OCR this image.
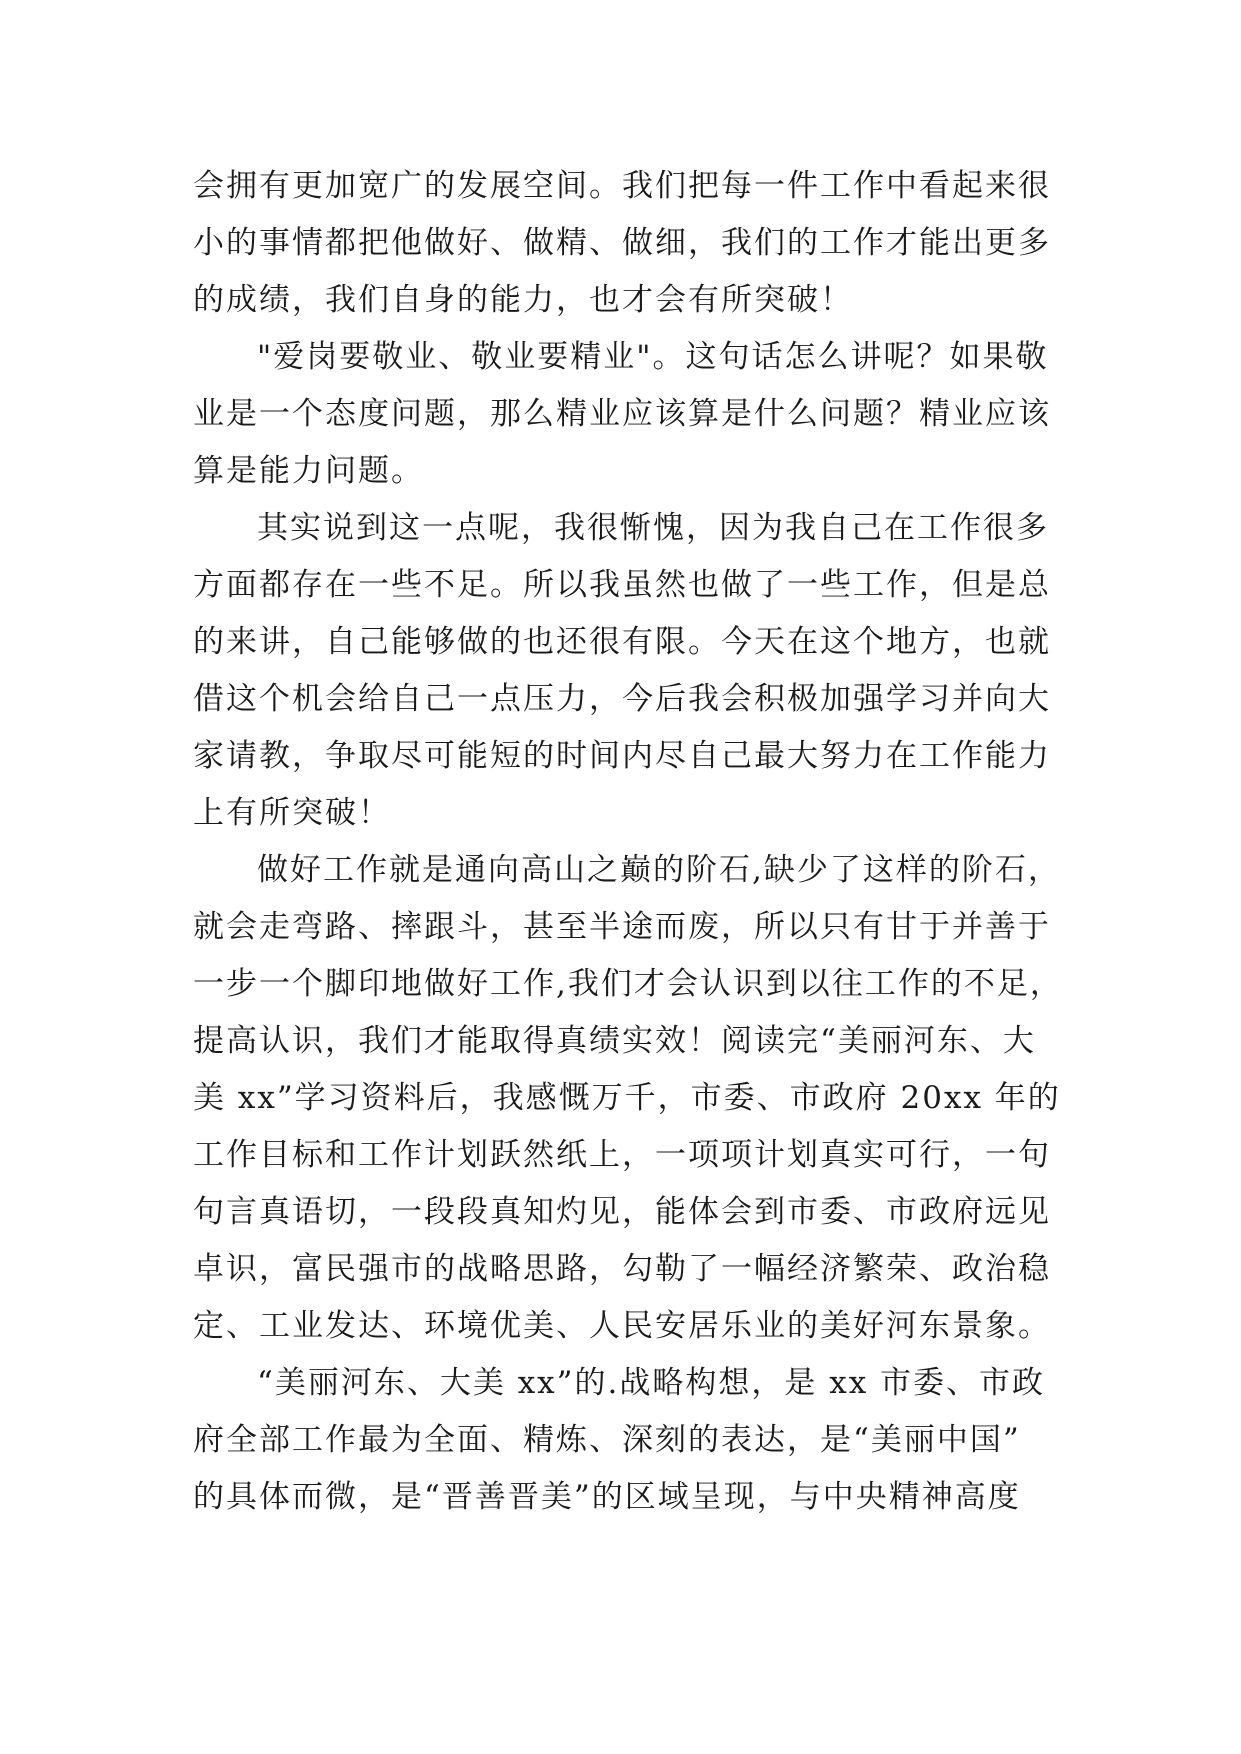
会拥有更加宽广的发展空间。我们把每一件工作中看起来很
小的事情都把他做好、做精、做细，我们的工作才能出更多
的成绩，我们自身的能力，也才会有所突破！

"爱岗要敬业、敬业要精业"。这句话怎么讲呢？如果敬
业是一个态度问题，那么精业应该算是什么问题？精业应该
算是能力问题。

其实说到这一点呢，我很惭愧，因为我自己在工作很多
方面都存在一些不足。所以我虽然也做了一些工作，但是总
的来讲，自己能够做的也还很有限。今天在这个地方，也就
借这个机会给自己一点压力，今后我会积极加强学习并向大
家请教，争取尽可能短的时间内尽自己最大努力在工作能力
上有所突破！

做好工作就是通向高山之巅的阶石,缺少了这样的阶石，
就会走弯路、摔跟斗，甚至半途而废，所以只有甘于并善于
一步一个脚印地做好工作,我们才会认识到以往工作的不足，
提高认识，我们才能取得真绩实效！阅读完“美丽河东、大
美 xx”学习资料后，我感慨万千，市委、市政府 20xx 年的
工作目标和工作计划跃然纸上，一项项计划真实可行，一句
句言真语切，一段段真知灼见，能体会到市委、市政府远见
卓识，富民强市的战略思路，勾勒了一幅经济繁荣、政治稳
定、工业发达、环境优美、人民安居乐业的美好河东景象。

“美丽河东、大美 xx”的.战略构想，是 xx 市委、市政
府全部工作最为全面、精炼、深刻的表达，是“美丽中国”
的具体而微，是“晋善晋美”的区域呈现，与中央精神高度
